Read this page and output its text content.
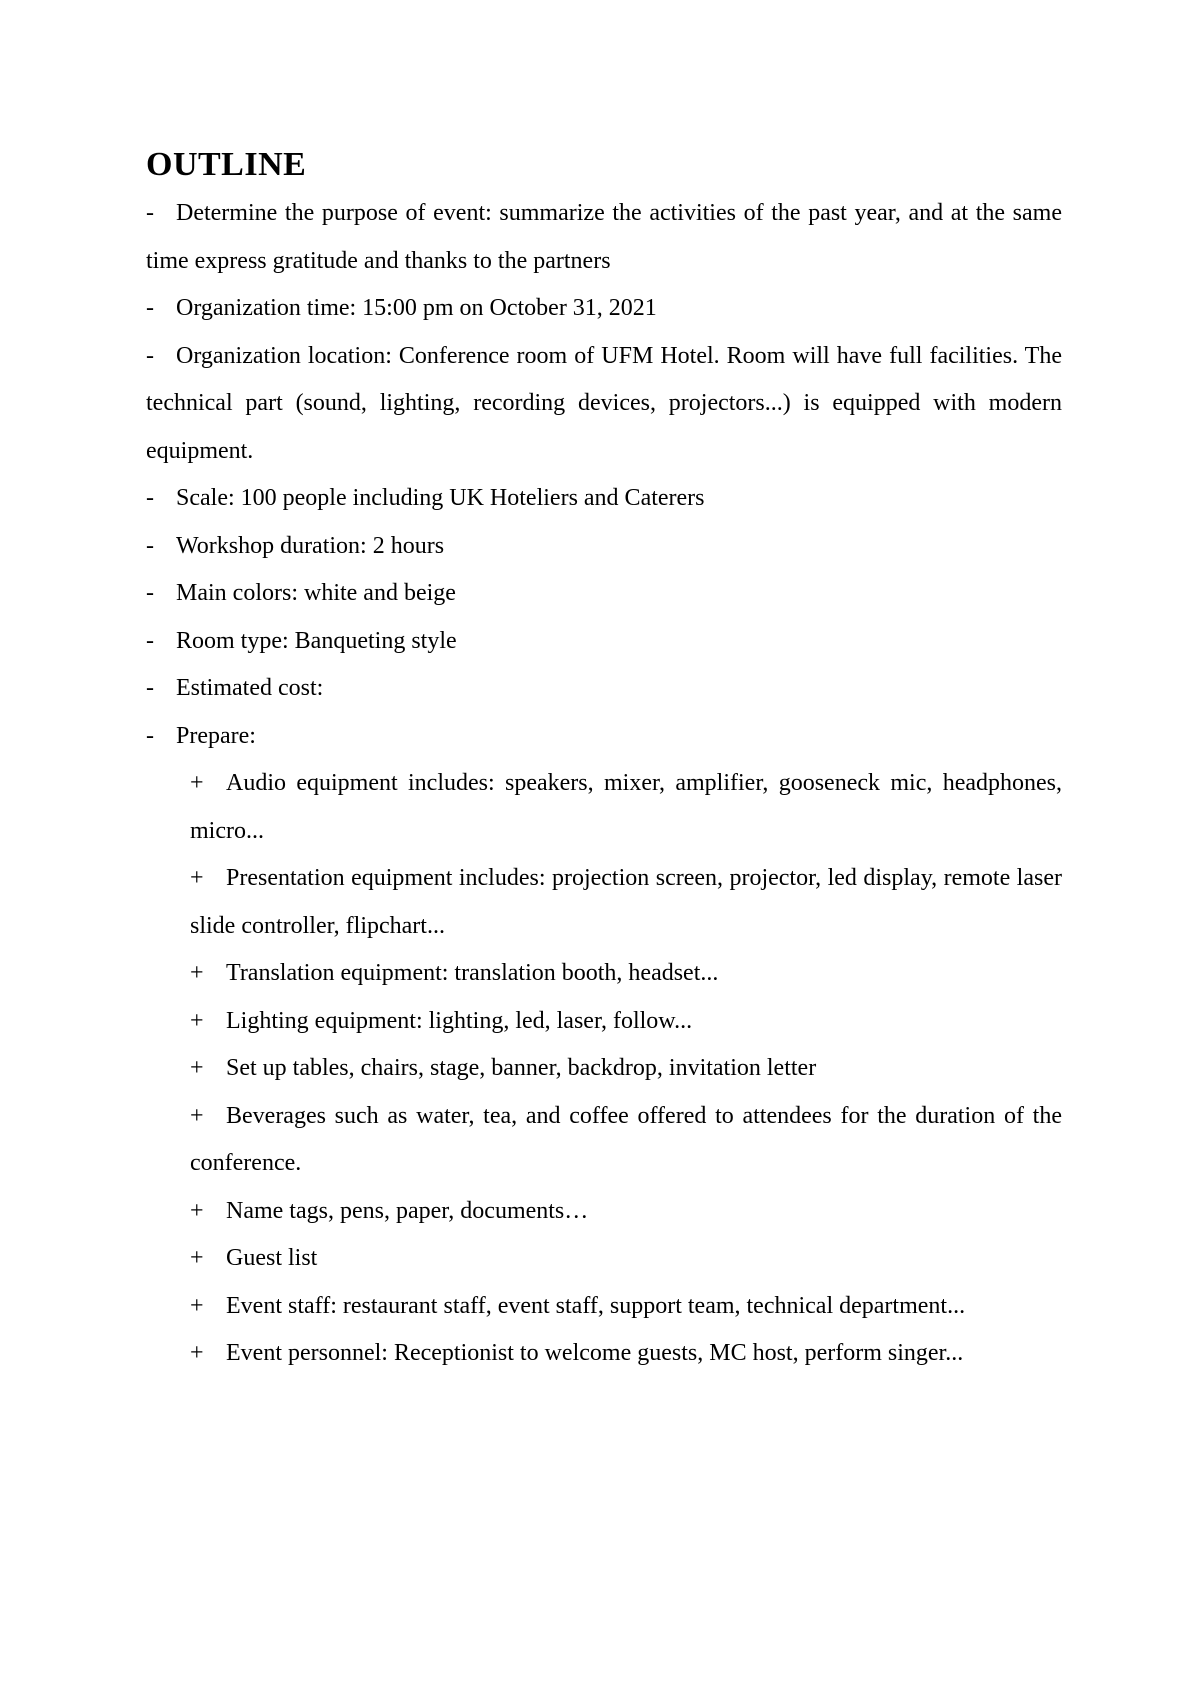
OUTLINE
- Determine the purpose of event: summarize the activities of the past year, and at the same time express gratitude and thanks to the partners
- Organization time: 15:00 pm on October 31, 2021
- Organization location: Conference room of UFM Hotel. Room will have full facilities. The technical part (sound, lighting, recording devices, projectors...) is equipped with modern equipment.
- Scale: 100 people including UK Hoteliers and Caterers
- Workshop duration: 2 hours
- Main colors: white and beige
- Room type: Banqueting style
- Estimated cost:
- Prepare:
+ Audio equipment includes: speakers, mixer, amplifier, gooseneck mic, headphones, micro...
+ Presentation equipment includes: projection screen, projector, led display, remote laser slide controller, flipchart...
+ Translation equipment: translation booth, headset...
+ Lighting equipment: lighting, led, laser, follow...
+ Set up tables, chairs, stage, banner, backdrop, invitation letter
+ Beverages such as water, tea, and coffee offered to attendees for the duration of the conference.
+ Name tags, pens, paper, documents…
+ Guest list
+ Event staff: restaurant staff, event staff, support team, technical department...
+ Event personnel: Receptionist to welcome guests, MC host, perform singer...
